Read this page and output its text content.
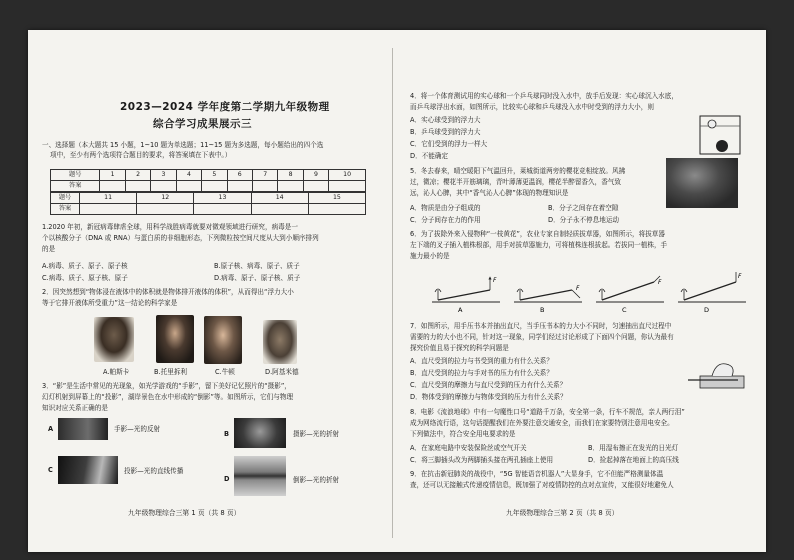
2023—2024 学年度第二学期九年级物理
综合学习成果展示三
一、选择题（本大题共 15 小题，1~10 题为单选题；11~15 题为多选题，每小题给出的四个选
项中，至少有两个选项符合题目的要求，将答案填在下表中。）
题号	1	2	3	4	5	6	7	8	9	10
答案										
题号	11	12	13	14	15
答案					
1.2020 年初，新冠病毒肆虐全球，用科学战胜病毒就要对微观领域进行研究，病毒是一
个以核酸分子（DNA 或 RNA）与蛋白质的非细胞形态，下列微粒按空间尺度从大到小顺序排列
的是
A.病毒、质子、原子、原子核	B.原子核、病毒、原子、质子
C.病毒、质子、原子核、原子	D.病毒、原子、原子核、质子
2．因突然想到“物体浸在液体中的体积就是物体排开液体的体积”，从而得出“浮力大小
等于它排开液体所受重力”这一结论的科学家是
A.帕斯卡	B.托里拆利	C.牛顿	D.阿基米德
3．“影”是生活中常见的光现象，如光学游戏的“手影”，留下美好记忆照片的“摄影”，
幻灯机射到屏幕上的“投影”，湖岸景色在水中形成的“倒影”等。如图所示，它们与物理
知识对应关系正确的是
A	手影—光的反射
B	摄影—光的折射
C	投影—光的直线传播
D	倒影—光的折射
九年级物理综合三第 1 页（共 8 页）
4．将一个体育测试用的实心球和一个乒乓球同时没入水中，放手后发现：实心球沉入水底，
而乒乓球浮出水面，如图所示，比较实心球和乒乓球没入水中时受到的浮力大小，则
A．实心球受到的浮力大
B．乒乓球受到的浮力大
C．它们受到的浮力一样大
D．不能确定
5．冬去春来，晴空暖阳下气温回升，莱城街道两旁的樱花竞相绽放。风拂
过，微凉；樱花半开筋璃璃，青叶薄薄更温润，樱花半醉留香久，香气致
远，沁人心脾，其中“香气沁人心脾”体现的物理知识是
A．物质是由分子组成的	B．分子之间存在着空隙
C．分子间存在力的作用	D．分子永不停息地运动
6．为了拔除外来入侵物种“一枝黄花”，农业专家自制轻质拔草器，如图所示，将拔草器
左下端的叉子插入植株根部，用手对拔草器施力，可将植株连根拔起。若拔同一植株，手
施力最小的是
F
A
F
B
F
C
F
D
7．如图所示，用手压书本并抽出直尺，当手压书本的力大小不同时，匀速抽出直尺过程中
需要的力的大小也不同，针对这一现象，同学们经过讨论形成了下面四个问题，你认为最有
探究价值且易于探究的科学问题是
A．直尺受到的拉力与书受到的重力有什么关系？
B．直尺受到的拉力与手对书的压力有什么关系？
C．直尺受到的摩擦力与直尺受到的压力有什么关系？
D．物体受到的摩擦力与物体受到的压力有什么关系？
8．电影《流浪地球》中有一句魔性口号“道路千万条，安全第一条，行车不规范，亲人两行泪”
成为网络流行语，这句话提醒我们在外要注意交通安全，而我们在家要特别注意用电安全。
下列做法中，符合安全用电要求的是
A．在家庭电路中安装保险丝或空气开关	B．用湿布擦正在发光的日光灯
C．将三脚插头改为两脚插头接在两孔插座上使用	D．捡起掉落在地面上的高压线
9．在抗击新冠肺炎的战役中，“5G 智能语音机器人”大显身手，它不但能严格测量体温
查，还可以无接触式传递疫情信息，既加强了对疫情防控的点对点宣传，又能很好地避免人
九年级物理综合三第 2 页（共 8 页）
